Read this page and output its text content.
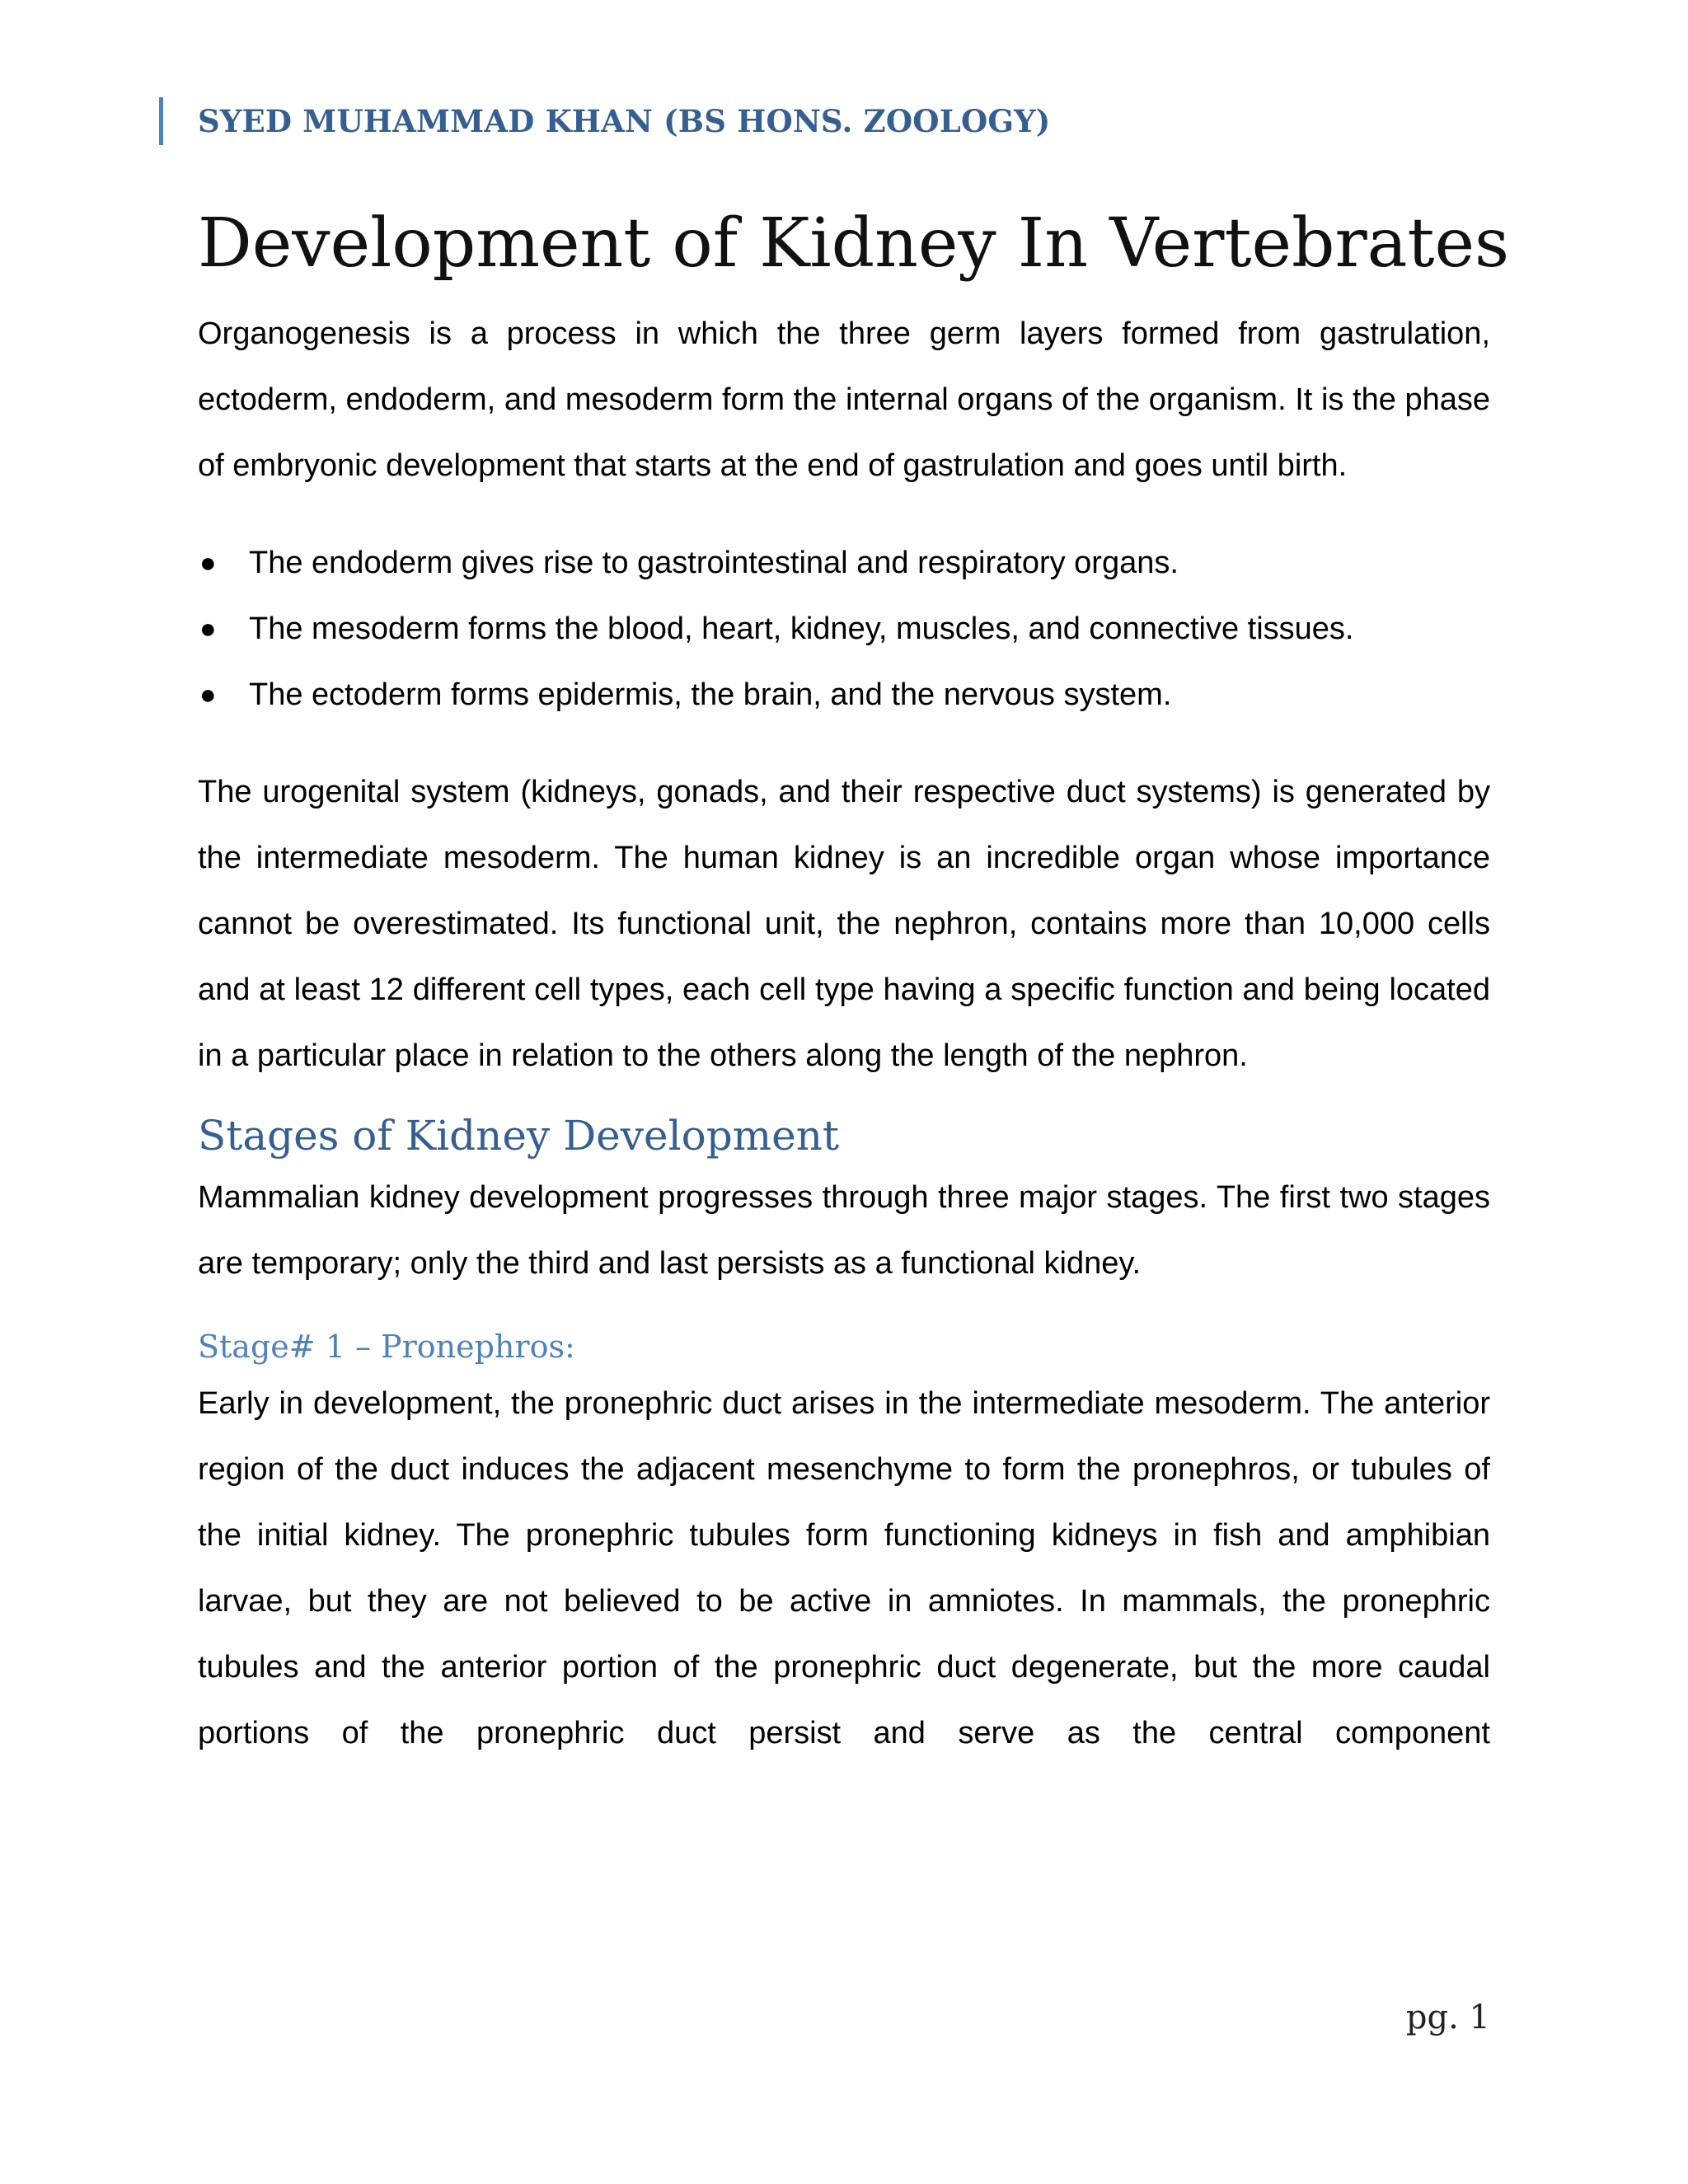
SYED MUHAMMAD KHAN (BS HONS. ZOOLOGY)
Development of Kidney In Vertebrates

Organogenesis is a process in which the three germ layers formed from gastrulation, ectoderm, endoderm, and mesoderm form the internal organs of the organism. It is the phase of embryonic development that starts at the end of gastrulation and goes until birth.

● The endoderm gives rise to gastrointestinal and respiratory organs.
● The mesoderm forms the blood, heart, kidney, muscles, and connective tissues.
● The ectoderm forms epidermis, the brain, and the nervous system.

The urogenital system (kidneys, gonads, and their respective duct systems) is generated by the intermediate mesoderm. The human kidney is an incredible organ whose importance cannot be overestimated. Its functional unit, the nephron, contains more than 10,000 cells and at least 12 different cell types, each cell type having a specific function and being located in a particular place in relation to the others along the length of the nephron.

Stages of Kidney Development

Mammalian kidney development progresses through three major stages. The first two stages are temporary; only the third and last persists as a functional kidney.

Stage# 1 – Pronephros:

Early in development, the pronephric duct arises in the intermediate mesoderm. The anterior region of the duct induces the adjacent mesenchyme to form the pronephros, or tubules of the initial kidney. The pronephric tubules form functioning kidneys in fish and amphibian larvae, but they are not believed to be active in amniotes. In mammals, the pronephric tubules and the anterior portion of the pronephric duct degenerate, but the more caudal portions of the pronephric duct persist and serve as the central component

pg. 1
